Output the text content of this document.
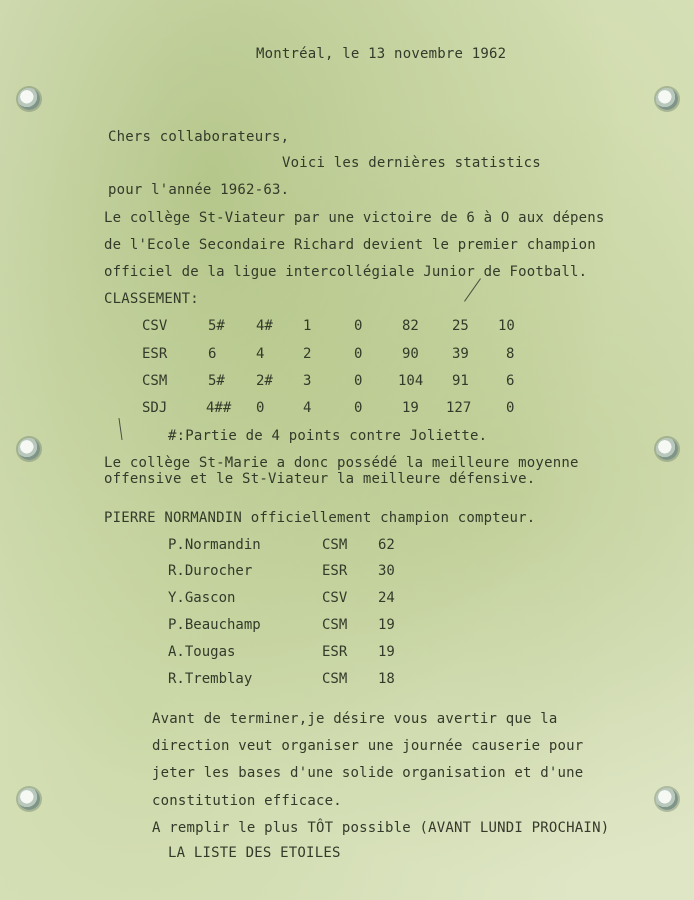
Montréal, le 13 novembre 1962
Chers collaborateurs,
Voici les dernières statistics
pour l'année 1962-63.
Le collège St-Viateur par une victoire de 6 à O aux dépens
de l'Ecole Secondaire Richard devient le premier champion
officiel de la ligue intercollégiale Junior de Football.
CLASSEMENT:
CSV	5# 4# 1	0	82 25 10
ESR	6	4	2	0	90 39	8
CSM	5# 2# 3	0	104 91	6
SDJ	4## 0	4	0	19 127 0
#:Partie de 4 points contre Joliette.
Le collège St-Marie a donc possédé la meilleure moyenne
offensive et le St-Viateur la meilleure défensive.
PIERRE NORMANDIN officiellement champion compteur.
P.Normandin	CSM 62
R.Durocher	ESR 30
Y.Gascon	CSV 24
P.Beauchamp	CSM 19
A.Tougas	ESR 19
R.Tremblay	CSM 18
Avant de terminer,je désire vous avertir que la
direction veut organiser une journée causerie pour
jeter les bases d'une solide organisation et d'une
constitution efficace.
A remplir le plus TÔT possible (AVANT LUNDI PROCHAIN)
LA LISTE DES ETOILES
